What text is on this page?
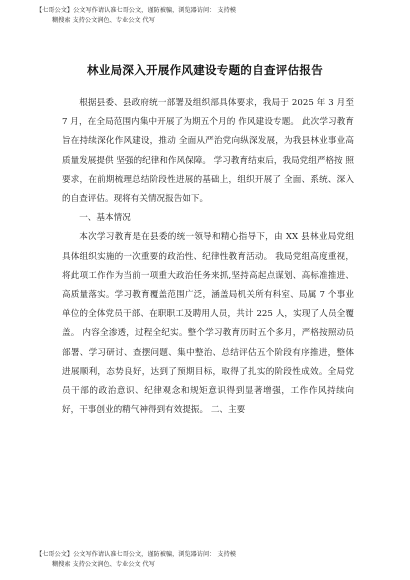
【七哥公文】公文写作请认准七哥公文，谨防被骗，浏览器访问： 支持模
糊搜索 支持公文润色、专业公文 代写
林业局深入开展作风建设专题的自查评估报告

根据县委、县政府统一部署及组织部具体要求，我局于 2025 年 3 月至 7 月，在全局范围内集中开展了为期五个月的 作风建设专题。 此次学习教育旨在持续深化作风建设，推动 全面从严治党向纵深发展，为我县林业事业高质量发展提供 坚强的纪律和作风保障。 学习教育结束后，我局党组严格按 照要求，在前期梳理总结阶段性进展的基础上，组织开展了 全面、系统、深入的自查评估。现将有关情况报告如下。

一、基本情况

本次学习教育是在县委的统一领导和精心指导下，由 XX 县林业局党组具体组织实施的一次重要的政治性、纪律性教育活动。 我局党组高度重视，将此项工作作为当前一项重大政治任务来抓,坚持高起点谋划、高标准推进、高质量落实。学习教育覆盖范围广泛，涵盖局机关所有科室、局属 7 个事业单位的全体党员干部、在职职工及聘用人员，共计 225 人，实现了人员全覆盖。 内容全渗透，过程全纪实。整个学习教育历时五个多月，严格按照动员部署、学习研讨、查摆问题、集中整治、总结评估五个阶段有序推进，整体进展顺利，态势良好，达到了预期目标，取得了扎实的阶段性成效。全局党员干部的政治意识、纪律观念和规矩意识得到显著增强，工作作风持续向好，干事创业的精气神得到有效提振。 二、主要

【七哥公文】公文写作请认准七哥公文，谨防被骗，浏览器访问： 支持模
糊搜索 支持公文润色、专业公文 代写
